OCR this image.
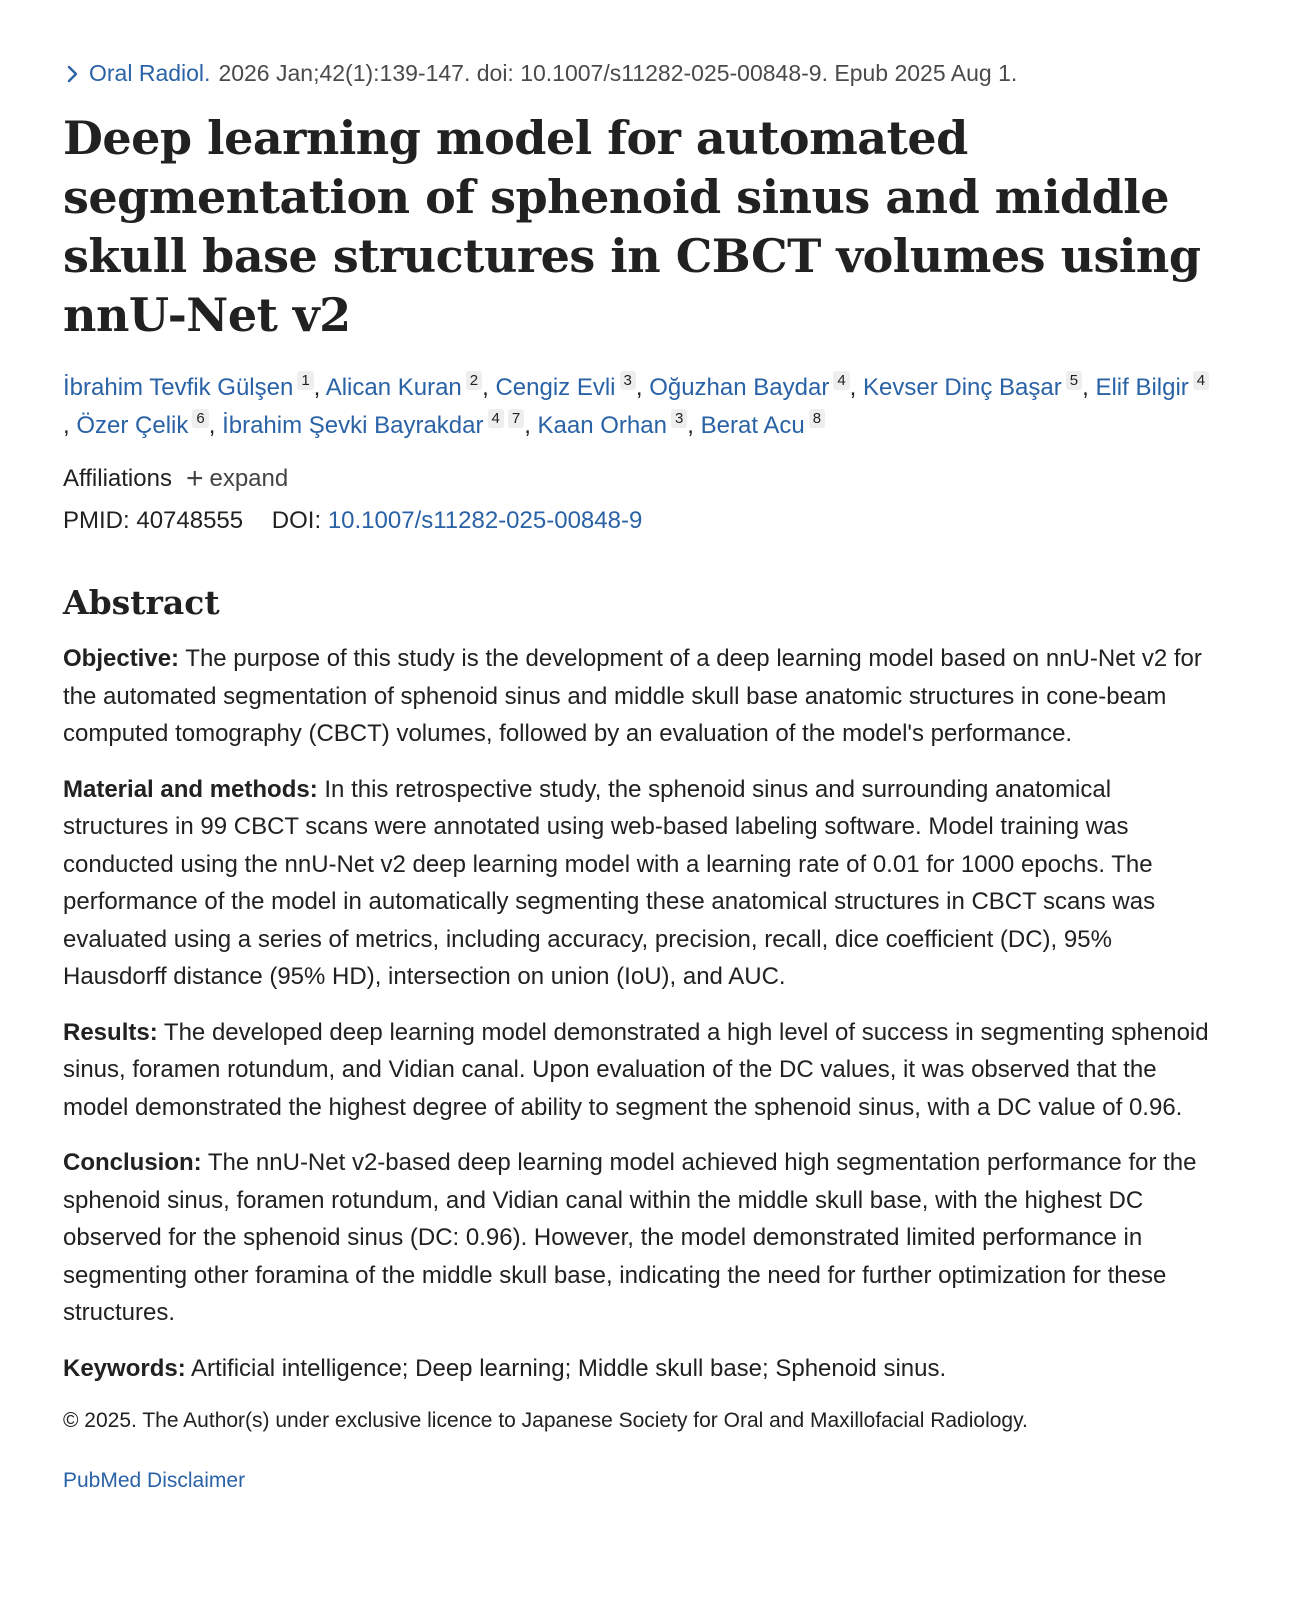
Oral Radiol. 2026 Jan;42(1):139-147. doi: 10.1007/s11282-025-00848-9. Epub 2025 Aug 1.
Deep learning model for automated segmentation of sphenoid sinus and middle skull base structures in CBCT volumes using nnU-Net v2
İbrahim Tevfik Gülşen $^1$ , Alican Kuran $^2$ , Cengiz Evli $^3$ , Oğuzhan Baydar $^4$ , Kevser Dinç Başar $^5$ , Elif Bilgir $^4$, Özer Çelik $^6$ , İbrahim Şevki Bayrakdar $^4$ $^7$ , Kaan Orhan $^3$ , Berat Acu $^8$
Affiliations + expand
PMID: 40748555 DOI: 10.1007/s11282-025-00848-9
Abstract

Objective: The purpose of this study is the development of a deep learning model based on nnU-Net v2 for the automated segmentation of sphenoid sinus and middle skull base anatomic structures in cone-beam computed tomography (CBCT) volumes, followed by an evaluation of the model's performance.

Material and methods: In this retrospective study, the sphenoid sinus and surrounding anatomical structures in 99 CBCT scans were annotated using web-based labeling software. Model training was conducted using the nnU-Net v2 deep learning model with a learning rate of 0.01 for 1000 epochs. The performance of the model in automatically segmenting these anatomical structures in CBCT scans was evaluated using a series of metrics, including accuracy, precision, recall, dice coefficient (DC), 95% Hausdorff distance (95% HD), intersection on union (IoU), and AUC.

Results: The developed deep learning model demonstrated a high level of success in segmenting sphenoid sinus, foramen rotundum, and Vidian canal. Upon evaluation of the DC values, it was observed that the model demonstrated the highest degree of ability to segment the sphenoid sinus, with a DC value of 0.96.

Conclusion: The nnU-Net v2-based deep learning model achieved high segmentation performance for the sphenoid sinus, foramen rotundum, and Vidian canal within the middle skull base, with the highest DC observed for the sphenoid sinus (DC: 0.96). However, the model demonstrated limited performance in segmenting other foramina of the middle skull base, indicating the need for further optimization for these structures.

Keywords: Artificial intelligence; Deep learning; Middle skull base; Sphenoid sinus.

© 2025. The Author(s) under exclusive licence to Japanese Society for Oral and Maxillofacial Radiology.

PubMed Disclaimer
